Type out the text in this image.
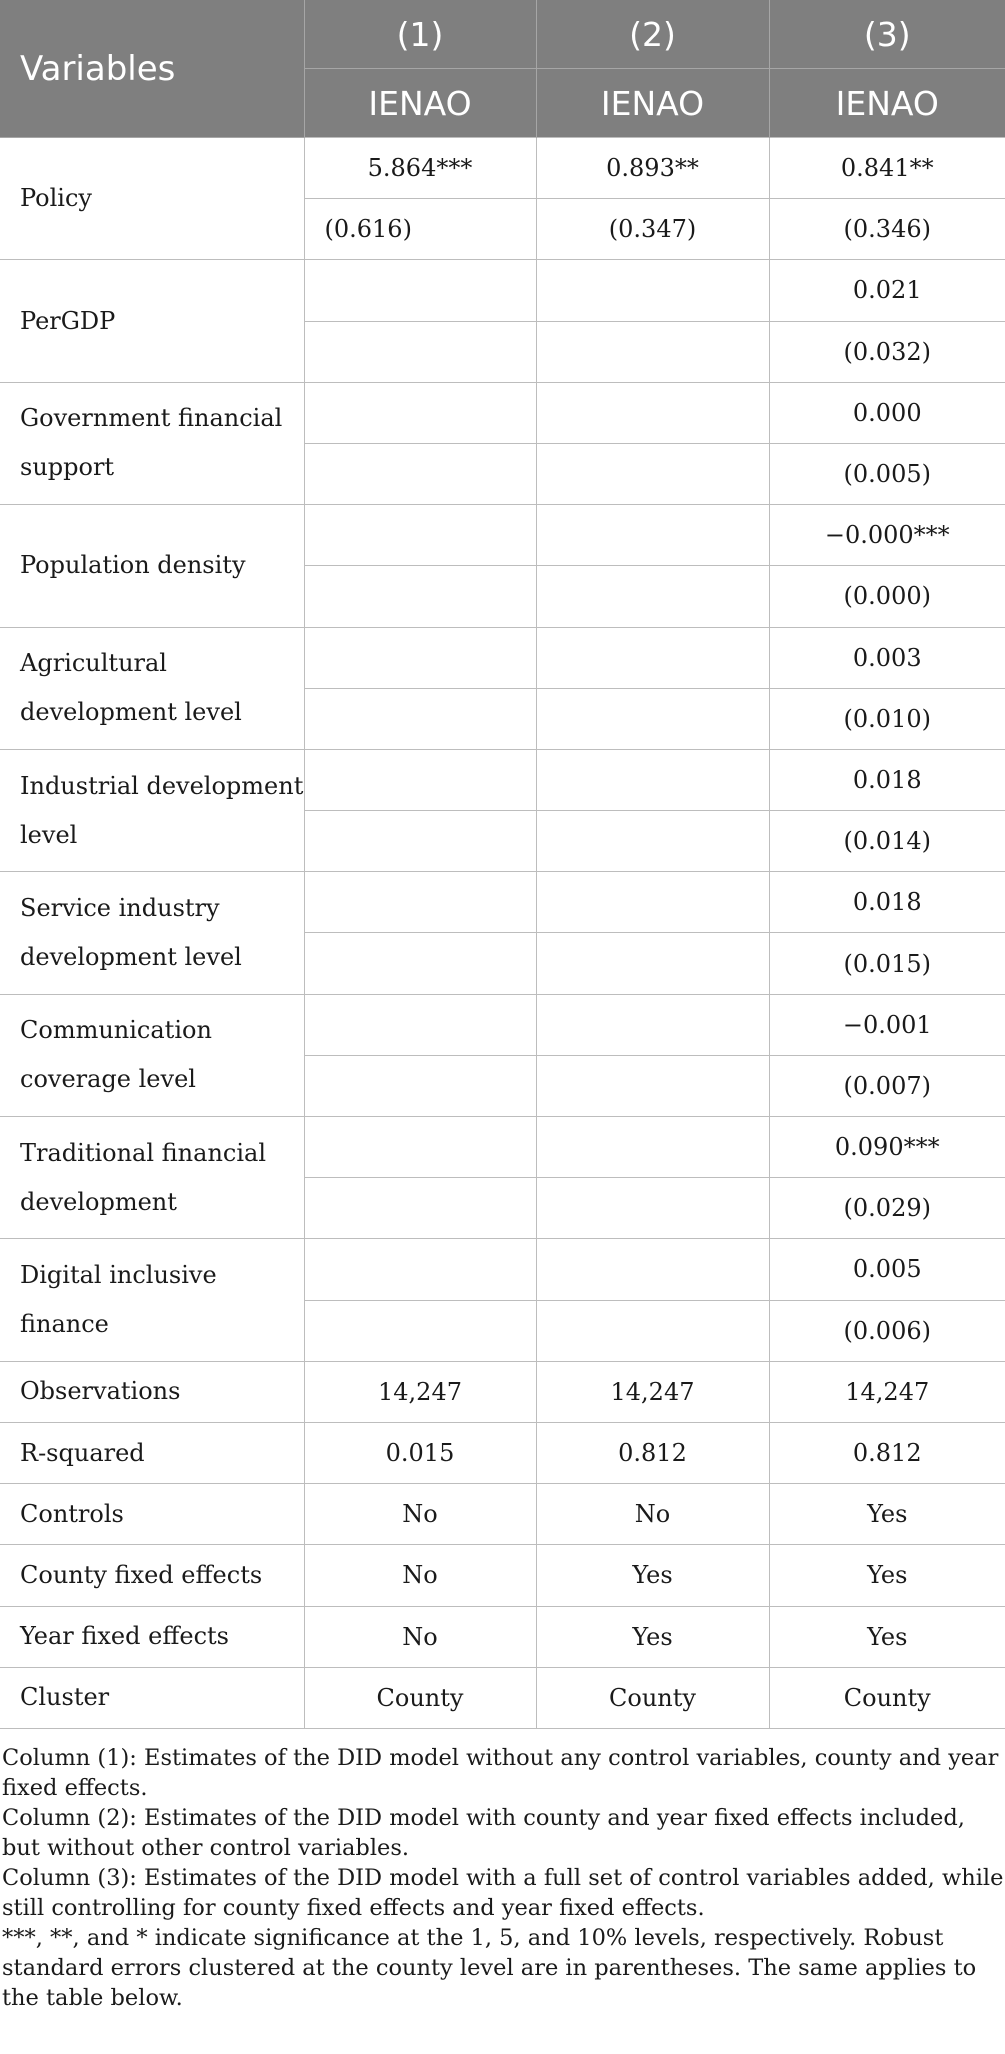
Variables	(1)	(2)	(3)
	IENAO	IENAO	IENAO
Policy	5.864***	0.893**	0.841**
	(0.616)	(0.347)	(0.346)
PerGDP			0.021
			(0.032)
Government financial support			0.000
			(0.005)
Population density			−0.000***
			(0.000)
Agricultural development level			0.003
			(0.010)
Industrial development level			0.018
			(0.014)
Service industry development level			0.018
			(0.015)
Communication coverage level			−0.001
			(0.007)
Traditional financial development			0.090***
			(0.029)
Digital inclusive finance			0.005
			(0.006)
Observations	14,247	14,247	14,247
R-squared	0.015	0.812	0.812
Controls	No	No	Yes
County fixed effects	No	Yes	Yes
Year fixed effects	No	Yes	Yes
Cluster	County	County	County

Column (1): Estimates of the DID model without any control variables, county and year fixed effects.

Column (2): Estimates of the DID model with county and year fixed effects included, but without other control variables.

Column (3): Estimates of the DID model with a full set of control variables added, while still controlling for county fixed effects and year fixed effects.

***, **, and * indicate significance at the 1, 5, and 10% levels, respectively. Robust standard errors clustered at the county level are in parentheses. The same applies to the table below.
